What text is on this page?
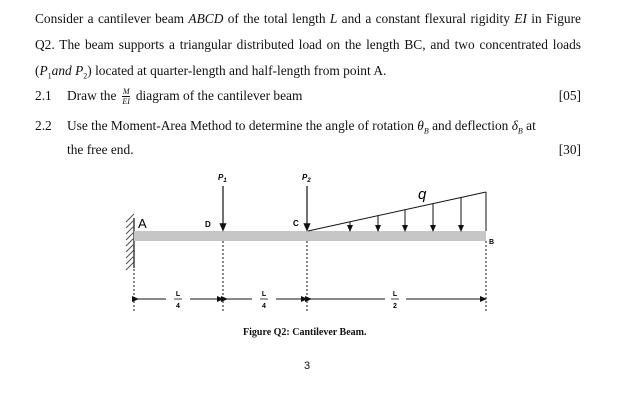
Consider a cantilever beam ABCD of the total length L and a constant flexural rigidity EI in Figure Q2. The beam supports a triangular distributed load on the length BC, and two concentrated loads ($P_1and$ $P_2$) located at quarter-length and half-length from point A.
2.1 Draw the $\frac{M}{EI}$ diagram of the cantilever beam	[05]
2.2 Use the Moment-Area Method to determine the angle of rotation $\theta_B$ and deflection $\delta_B$ at
the free end.	[30]
q
$P_1$	$P_2$
A	D	C
B
L
4
L
4
L
2
Figure Q2: Cantilever Beam.
3
